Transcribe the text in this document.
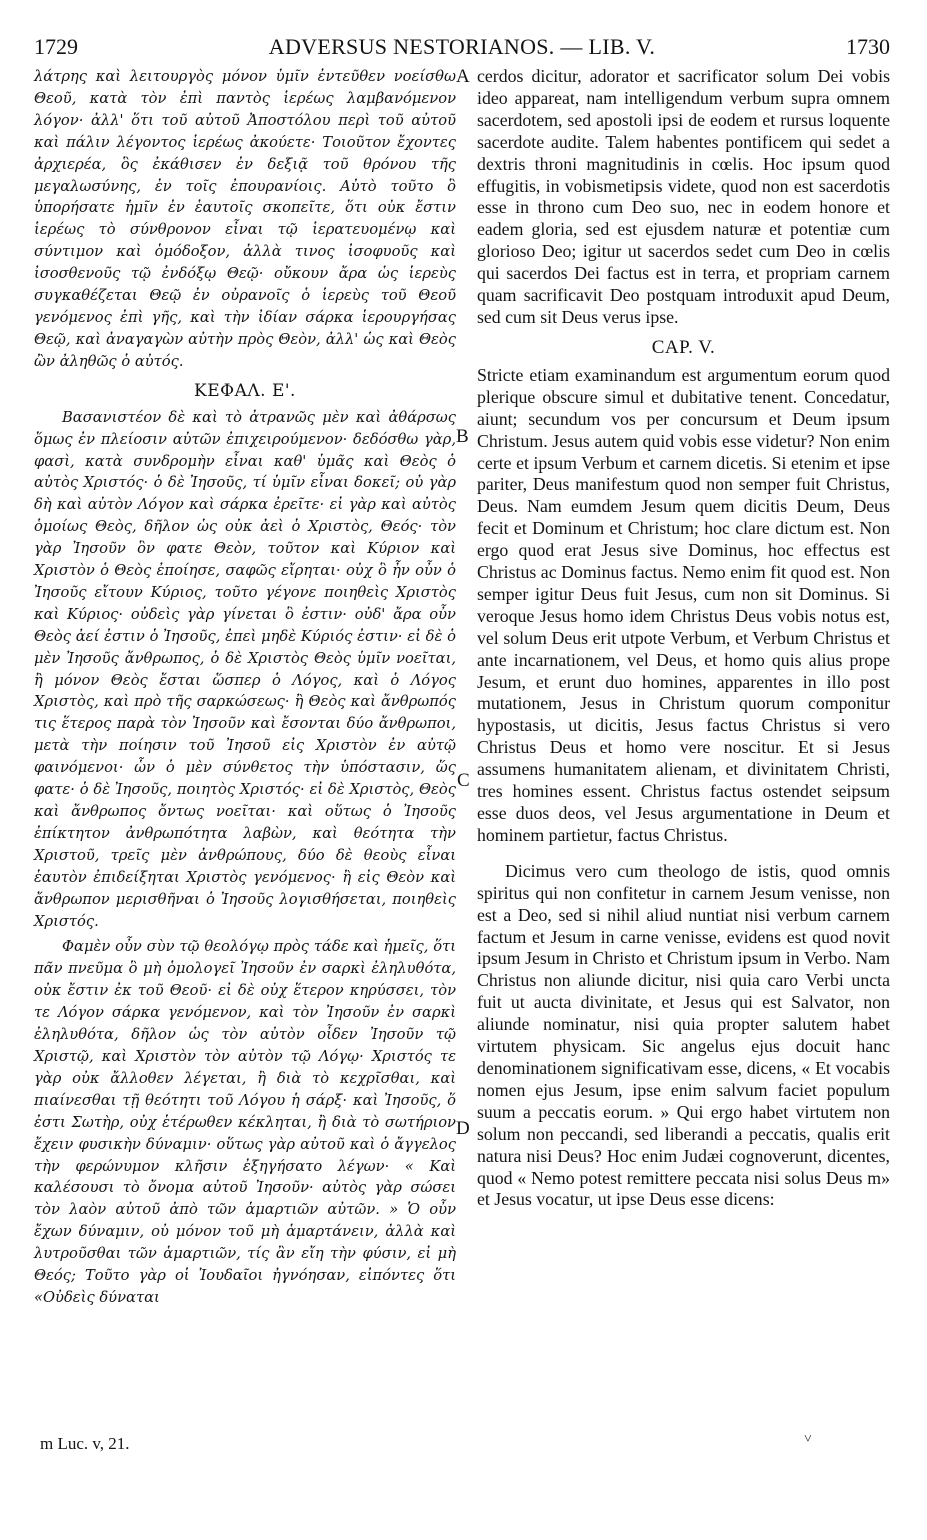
1729	ADVERSUS NESTORIANOS. — LIB. V.	1730

λάτρης καὶ λειτουργὸς μόνον ὑμῖν ἐντεῦθεν νοείσθω Θεοῦ, κατὰ τὸν ἐπὶ παντὸς ἱερέως λαμβανόμενον λόγον· ἀλλ' ὅτι τοῦ αὐτοῦ Ἀποστόλου περὶ τοῦ αὐτοῦ καὶ πάλιν λέγοντος ἱερέως ἀκούετε· Τοιοῦτον ἔχοντες ἀρχιερέα, ὃς ἐκάθισεν ἐν δεξιᾷ τοῦ θρόνου τῆς μεγαλωσύνης, ἐν τοῖς ἐπουρανίοις. Αὐτὸ τοῦτο ὃ ὑπορήσατε ἡμῖν ἐν ἑαυτοῖς σκοπεῖτε, ὅτι οὐκ ἔστιν ἱερέως τὸ σύνθρονον εἶναι τῷ ἱερατευομένῳ καὶ σύντιμον καὶ ὁμόδοξον, ἀλλὰ τινος ἰσοφυοῦς καὶ ἰσοσθενοῦς τῷ ἐνδόξῳ Θεῷ· οὔκουν ἄρα ὡς ἱερεὺς συγκαθέζεται Θεῷ ἐν οὐρανοῖς ὁ ἱερεὺς τοῦ Θεοῦ γενόμενος ἐπὶ γῆς, καὶ τὴν ἰδίαν σάρκα ἱερουργήσας Θεῷ, καὶ ἀναγαγὼν αὐτὴν πρὸς Θεὸν, ἀλλ' ὡς καὶ Θεὸς ὢν ἀληθῶς ὁ αὐτός.

ΚΕΦΑΛ. Ε'.

Βασανιστέον δὲ καὶ τὸ ἀτρανῶς μὲν καὶ ἀθάρσως ὅμως ἐν πλείοσιν αὐτῶν ἐπιχειρούμενον· δεδόσθω γὰρ, φασὶ, κατὰ συνδρομὴν εἶναι καθ' ὑμᾶς καὶ Θεὸς ὁ αὐτὸς Χριστός· ὁ δὲ Ἰησοῦς, τί ὑμῖν εἶναι δοκεῖ; οὐ γὰρ δὴ καὶ αὐτὸν Λόγον καὶ σάρκα ἐρεῖτε· εἰ γὰρ καὶ αὐτὸς ὁμοίως Θεὸς, δῆλον ὡς οὐκ ἀεὶ ὁ Χριστὸς, Θεός· τὸν γὰρ Ἰησοῦν ὃν φατε Θεὸν, τοῦτον καὶ Κύριον καὶ Χριστὸν ὁ Θεὸς ἐποίησε, σαφῶς εἴρηται· οὐχ ὃ ἦν οὖν ὁ Ἰησοῦς εἴτουν Κύριος, τοῦτο γέγονε ποιηθεὶς Χριστὸς καὶ Κύριος· οὐδεὶς γὰρ γίνεται ὃ ἐστιν· οὐδ' ἄρα οὖν Θεὸς ἀεί ἐστιν ὁ Ἰησοῦς, ἐπεὶ μηδὲ Κύριός ἐστιν· εἰ δὲ ὁ μὲν Ἰησοῦς ἄνθρωπος, ὁ δὲ Χριστὸς Θεὸς ὑμῖν νοεῖται, ἢ μόνον Θεὸς ἔσται ὥσπερ ὁ Λόγος, καὶ ὁ Λόγος Χριστὸς, καὶ πρὸ τῆς σαρκώσεως· ἢ Θεὸς καὶ ἄνθρωπός τις ἕτερος παρὰ τὸν Ἰησοῦν καὶ ἔσονται δύο ἄνθρωποι, μετὰ τὴν ποίησιν τοῦ Ἰησοῦ εἰς Χριστὸν ἐν αὐτῷ φαινόμενοι· ὧν ὁ μὲν σύνθετος τὴν ὑπόστασιν, ὥς φατε· ὁ δὲ Ἰησοῦς, ποιητὸς Χριστός· εἰ δὲ Χριστὸς, Θεὸς καὶ ἄνθρωπος ὄντως νοεῖται· καὶ οὕτως ὁ Ἰησοῦς ἐπίκτητον ἀνθρωπότητα λαβὼν, καὶ θεότητα τὴν Χριστοῦ, τρεῖς μὲν ἀνθρώπους, δύο δὲ θεοὺς εἶναι ἑαυτὸν ἐπιδείξηται Χριστὸς γενόμενος· ἢ εἰς Θεὸν καὶ ἄνθρωπον μερισθῆναι ὁ Ἰησοῦς λογισθήσεται, ποιηθεὶς Χριστός.

Φαμὲν οὖν σὺν τῷ θεολόγῳ πρὸς τάδε καὶ ἡμεῖς, ὅτι πᾶν πνεῦμα ὃ μὴ ὁμολογεῖ Ἰησοῦν ἐν σαρκὶ ἐληλυθότα, οὐκ ἔστιν ἐκ τοῦ Θεοῦ· εἰ δὲ οὐχ ἕτερον κηρύσσει, τὸν τε Λόγον σάρκα γενόμενον, καὶ τὸν Ἰησοῦν ἐν σαρκὶ ἐληλυθότα, δῆλον ὡς τὸν αὐτὸν οἶδεν Ἰησοῦν τῷ Χριστῷ, καὶ Χριστὸν τὸν αὐτὸν τῷ Λόγῳ· Χριστός τε γὰρ οὐκ ἄλλοθεν λέγεται, ἢ διὰ τὸ κεχρῖσθαι, καὶ πιαίνεσθαι τῇ θεότητι τοῦ Λόγου ἡ σάρξ· καὶ Ἰησοῦς, ὅ ἐστι Σωτὴρ, οὐχ ἑτέρωθεν κέκληται, ἢ διὰ τὸ σωτήριον ἔχειν φυσικὴν δύναμιν· οὕτως γὰρ αὐτοῦ καὶ ὁ ἄγγελος τὴν φερώνυμον κλῆσιν ἐξηγήσατο λέγων· « Καὶ καλέσουσι τὸ ὄνομα αὐτοῦ Ἰησοῦν· αὐτὸς γὰρ σώσει τὸν λαὸν αὐτοῦ ἀπὸ τῶν ἁμαρτιῶν αὐτῶν. » Ὁ οὖν ἔχων δύναμιν, οὐ μόνον τοῦ μὴ ἁμαρτάνειν, ἀλλὰ καὶ λυτροῦσθαι τῶν ἁμαρτιῶν, τίς ἂν εἴη τὴν φύσιν, εἰ μὴ Θεός; Τοῦτο γὰρ οἱ Ἰουδαῖοι ἠγνόησαν, εἰπόντες ὅτι «Οὐδεὶς δύναται

cerdos dicitur, adorator et sacrificator solum Dei vobis ideo appareat, nam intelligendum verbum supra omnem sacerdotem, sed apostoli ipsi de eodem et rursus loquente sacerdote audite. Talem habentes pontificem qui sedet a dextris throni magnitudinis in cœlis. Hoc ipsum quod effugitis, in vobismetipsis videte, quod non est sacerdotis esse in throno cum Deo suo, nec in eodem honore et eadem gloria, sed est ejusdem naturæ et potentiæ cum glorioso Deo; igitur ut sacerdos sedet cum Deo in cœlis qui sacerdos Dei factus est in terra, et propriam carnem quam sacrificavit Deo postquam introduxit apud Deum, sed cum sit Deus verus ipse.

CAP. V.

Stricte etiam examinandum est argumentum eorum quod plerique obscure simul et dubitative tenent. Concedatur, aiunt; secundum vos per concursum et Deum ipsum Christum. Jesus autem quid vobis esse videtur? Non enim certe et ipsum Verbum et carnem dicetis. Si etenim et ipse pariter, Deus manifestum quod non semper fuit Christus, Deus. Nam eumdem Jesum quem dicitis Deum, Deus fecit et Dominum et Christum; hoc clare dictum est. Non ergo quod erat Jesus sive Dominus, hoc effectus est Christus ac Dominus factus. Nemo enim fit quod est. Non semper igitur Deus fuit Jesus, cum non sit Dominus. Si veroque Jesus homo idem Christus Deus vobis notus est, vel solum Deus erit utpote Verbum, et Verbum Christus et ante incarnationem, vel Deus, et homo quis alius prope Jesum, et erunt duo homines, apparentes in illo post mutationem, Jesus in Christum quorum componitur hypostasis, ut dicitis, Jesus factus Christus si vero Christus Deus et homo vere noscitur. Et si Jesus assumens humanitatem alienam, et divinitatem Christi, tres homines essent. Christus factus ostendet seipsum esse duos deos, vel Jesus argumentatione in Deum et hominem partietur, factus Christus.

Dicimus vero cum theologo de istis, quod omnis spiritus qui non confitetur in carnem Jesum venisse, non est a Deo, sed si nihil aliud nuntiat nisi verbum carnem factum et Jesum in carne venisse, evidens est quod novit ipsum Jesum in Christo et Christum ipsum in Verbo. Nam Christus non aliunde dicitur, nisi quia caro Verbi uncta fuit ut aucta divinitate, et Jesus qui est Salvator, non aliunde nominatur, nisi quia propter salutem habet virtutem physicam. Sic angelus ejus docuit hanc denominationem significativam esse, dicens, « Et vocabis nomen ejus Jesum, ipse enim salvum faciet populum suum a peccatis eorum. » Qui ergo habet virtutem non solum non peccandi, sed liberandi a peccatis, qualis erit natura nisi Deus? Hoc enim Judæi cognoverunt, dicentes, quod « Nemo potest remittere peccata nisi solus Deus m» et Jesus vocatur, ut ipse Deus esse dicens:

A
B
C
D
m Luc. v, 21.	˅
